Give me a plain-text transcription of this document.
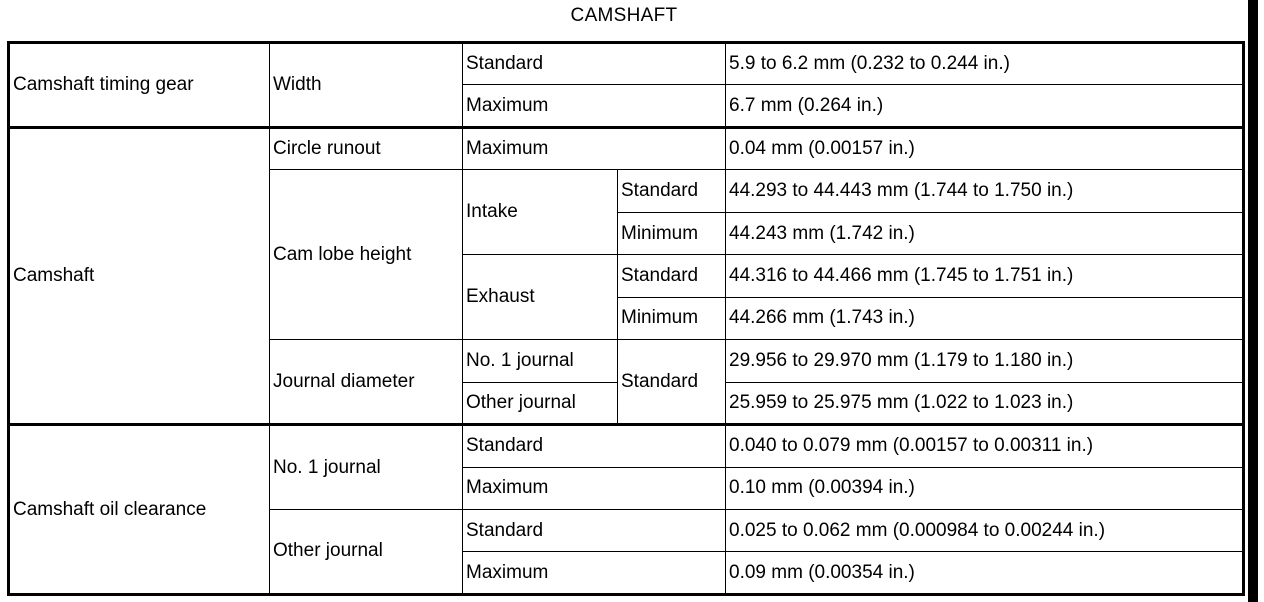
CAMSHAFT
Camshaft timing gear	Width	Standard		5.9 to 6.2 mm (0.232 to 0.244 in.)
		Maximum		6.7 mm (0.264 in.)
Camshaft	Circle runout	Maximum		0.04 mm (0.00157 in.)
	Cam lobe height	Intake	Standard	44.293 to 44.443 mm (1.744 to 1.750 in.)
			Minimum	44.243 mm (1.742 in.)
		Exhaust	Standard	44.316 to 44.466 mm (1.745 to 1.751 in.)
			Minimum	44.266 mm (1.743 in.)
	Journal diameter	No. 1 journal	Standard	29.956 to 29.970 mm (1.179 to 1.180 in.)
		Other journal		25.959 to 25.975 mm (1.022 to 1.023 in.)
Camshaft oil clearance	No. 1 journal	Standard		0.040 to 0.079 mm (0.00157 to 0.00311 in.)
		Maximum		0.10 mm (0.00394 in.)
	Other journal	Standard		0.025 to 0.062 mm (0.000984 to 0.00244 in.)
		Maximum		0.09 mm (0.00354 in.)
